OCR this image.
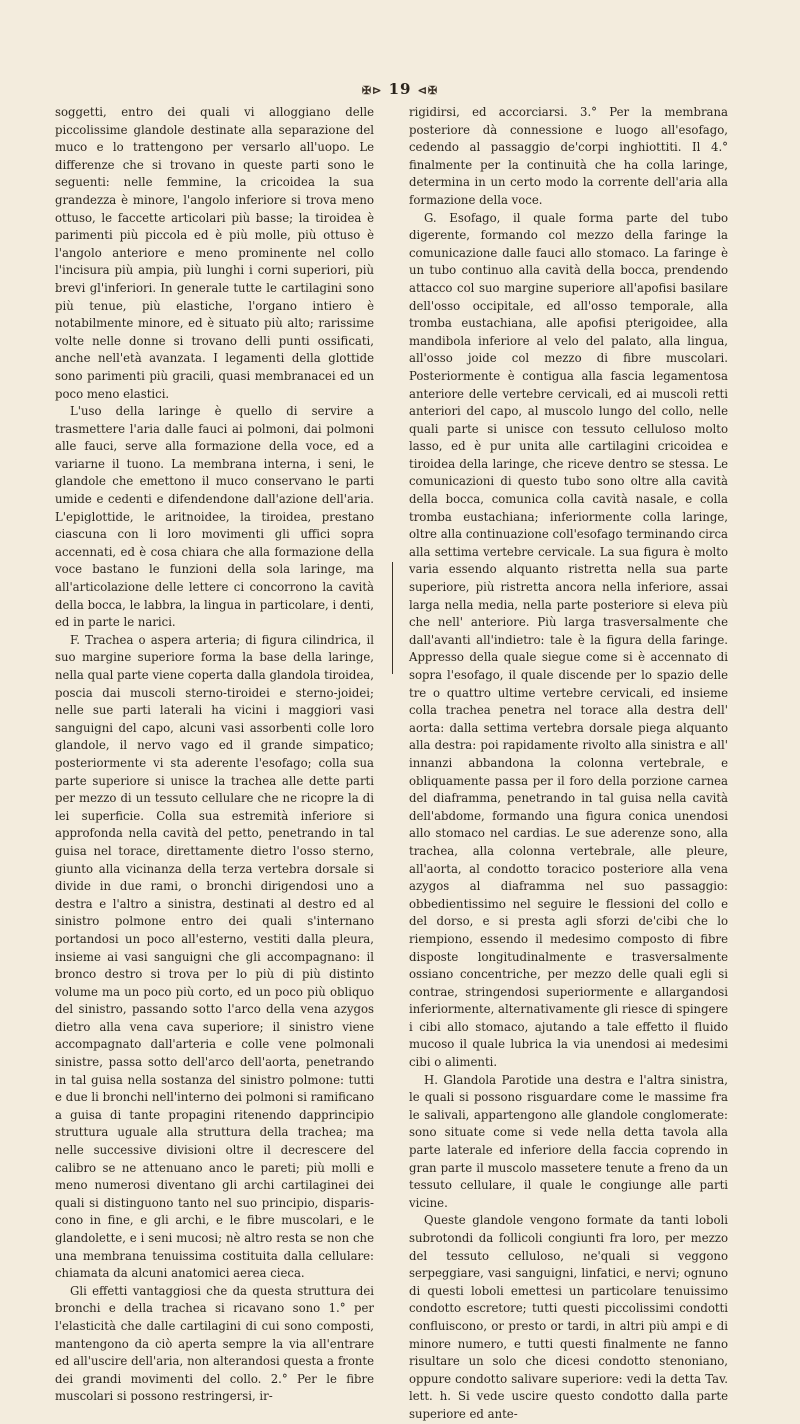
✠⊳ 19 ⊲✠

soggetti, entro dei quali vi alloggiano delle piccolissime glandole destinate alla separazione del muco e lo trattengono per versarlo all'uopo. Le differenze che si trovano in queste parti sono le seguenti: nelle femmine, la cricoidea la sua grandezza è minore, l'angolo inferiore si trova meno ottuso, le faccette articolari più basse; la tiroidea è parimenti più piccola ed è più molle, più ottuso è l'angolo anteriore e meno prominente nel collo l'incisura più ampia, più lunghi i corni superiori, più brevi gl'inferiori. In generale tutte le cartilagini sono più tenue, più elastiche, l'organo intiero è notabilmente minore, ed è situato più alto; rarissime volte nelle donne si trovano delli punti ossificati, anche nell'età avanzata. I legamenti della glottide sono parimenti più gracili, quasi membranacei ed un poco meno elastici.

L'uso della laringe è quello di servire a trasmettere l'aria dalle fauci ai polmoni, dai polmoni alle fauci, serve alla formazione della voce, ed a variarne il tuono. La membrana interna, i seni, le glandole che emettono il muco conservano le parti umide e cedenti e difendendone dall'azione dell'aria. L'epiglottide, le aritnoidee, la tiroidea, prestano ciascuna con li loro movimenti gli uffici sopra accennati, ed è cosa chiara che alla formazione della voce bastano le funzioni della sola laringe, ma all'articolazione delle lettere ci concorrono la cavità della bocca, le labbra, la lingua in particolare, i denti, ed in parte le narici.

F. Trachea o aspera arteria; di figura cilindrica, il suo margine superiore forma la base della laringe, nella qual parte viene coperta dalla glandola tiroidea, poscia dai muscoli sterno-tiroidei e sterno-joidei; nelle sue parti laterali ha vicini i maggiori vasi sanguigni del capo, alcuni vasi assorbenti colle loro glandole, il nervo vago ed il grande simpatico; posteriormente vi sta aderente l'esofago; colla sua parte superiore si unisce la trachea alle dette parti per mezzo di un tessuto cellulare che ne ricopre la di lei superficie. Colla sua estremità inferiore si approfonda nella cavità del petto, penetrando in tal guisa nel torace, direttamente dietro l'osso sterno, giunto alla vicinanza della terza vertebra dorsale si divide in due rami, o bronchi dirigendosi uno a destra e l'altro a sinistra, destinati al destro ed al sinistro polmone entro dei quali s'internano portandosi un poco all'esterno, vestiti dalla pleura, insieme ai vasi sanguigni che gli accompagnano: il bronco destro si trova per lo più di più distinto volume ma un poco più corto, ed un poco più obliquo del sinistro, passando sotto l'arco della vena azygos dietro alla vena cava superiore; il sinistro viene accompagnato dall'arteria e colle vene polmonali sinistre, passa sotto dell'arco dell'aorta, penetrando in tal guisa nella sostanza del sinistro polmone: tutti e due li bronchi nell'interno dei polmoni si ramificano a guisa di tante propagini ritenendo dapprincipio struttura uguale alla struttura della trachea; ma nelle successive divisioni oltre il decrescere del calibro se ne attenuano anco le pareti; più molli e meno numerosi diventano gli archi cartilaginei dei quali si distinguono tanto nel suo principio, dispariscono in fine, e gli archi, e le fibre muscolari, e le glandolette, e i seni mucosi; nè altro resta se non che una membrana tenuissima costituita dalla cellulare: chiamata da alcuni anatomici aerea cieca.

Gli effetti vantaggiosi che da questa struttura dei bronchi e della trachea si ricavano sono 1.° per l'elasticità che dalle cartilagini di cui sono composti, mantengono da ciò aperta sempre la via all'entrare ed all'uscire dell'aria, non alterandosi questa a fronte dei grandi movimenti del collo. 2.° Per le fibre muscolari si possono restringersi, ir-

rigidirsi, ed accorciarsi. 3.° Per la membrana posteriore dà connessione e luogo all'esofago, cedendo al passaggio de'corpi inghiottiti. Il 4.° finalmente per la continuità che ha colla laringe, determina in un certo modo la corrente dell'aria alla formazione della voce.

G. Esofago, il quale forma parte del tubo digerente, formando col mezzo della faringe la comunicazione dalle fauci allo stomaco. La faringe è un tubo continuo alla cavità della bocca, prendendo attacco col suo margine superiore all'apofisi basilare dell'osso occipitale, ed all'osso temporale, alla tromba eustachiana, alle apofisi pterigoidee, alla mandibola inferiore al velo del palato, alla lingua, all'osso joide col mezzo di fibre muscolari. Posteriormente è contigua alla fascia legamentosa anteriore delle vertebre cervicali, ed ai muscoli retti anteriori del capo, al muscolo lungo del collo, nelle quali parte si unisce con tessuto celluloso molto lasso, ed è pur unita alle cartilagini cricoidea e tiroidea della laringe, che riceve dentro se stessa. Le comunicazioni di questo tubo sono oltre alla cavità della bocca, comunica colla cavità nasale, e colla tromba eustachiana; inferiormente colla laringe, oltre alla continuazione coll'esofago terminando circa alla settima vertebre cervicale. La sua figura è molto varia essendo alquanto ristretta nella sua parte superiore, più ristretta ancora nella inferiore, assai larga nella media, nella parte posteriore si eleva più che nell' anteriore. Più larga trasversalmente che dall'avanti all'indietro: tale è la figura della faringe. Appresso della quale siegue come si è accennato di sopra l'esofago, il quale discende per lo spazio delle tre o quattro ultime vertebre cervicali, ed insieme colla trachea penetra nel torace alla destra dell' aorta: dalla settima vertebra dorsale piega alquanto alla destra: poi rapidamente rivolto alla sinistra e all' innanzi abbandona la colonna vertebrale, e obliquamente passa per il foro della porzione carnea del diaframma, penetrando in tal guisa nella cavità dell'abdome, formando una figura conica unendosi allo stomaco nel cardias. Le sue aderenze sono, alla trachea, alla colonna vertebrale, alle pleure, all'aorta, al condotto toracico posteriore alla vena azygos al diaframma nel suo passaggio: obbedientissimo nel seguire le flessioni del collo e del dorso, e si presta agli sforzi de'cibi che lo riempiono, essendo il medesimo composto di fibre disposte longitudinalmente e trasversalmente ossiano concentriche, per mezzo delle quali egli si contrae, stringendosi superiormente e allargandosi inferiormente, alternativamente gli riesce di spingere i cibi allo stomaco, ajutando a tale effetto il fluido mucoso il quale lubrica la via unendosi ai medesimi cibi o alimenti.

H. Glandola Parotide una destra e l'altra sinistra, le quali si possono risguardare come le massime fra le salivali, appartengono alle glandole conglomerate: sono situate come si vede nella detta tavola alla parte laterale ed inferiore della faccia coprendo in gran parte il muscolo massetere tenute a freno da un tessuto cellulare, il quale le congiunge alle parti vicine.

Queste glandole vengono formate da tanti loboli subrotondi da follicoli congiunti fra loro, per mezzo del tessuto celluloso, ne'quali si veggono serpeggiare, vasi sanguigni, linfatici, e nervi; ognuno di questi loboli emettesi un particolare tenuissimo condotto escretore; tutti questi piccolissimi condotti confluiscono, or presto or tardi, in altri più ampi e di minore numero, e tutti questi finalmente ne fanno risultare un solo che dicesi condotto stenoniano, oppure condotto salivare superiore: vedi la detta Tav. lett. h. Si vede uscire questo condotto dalla parte superiore ed ante-
